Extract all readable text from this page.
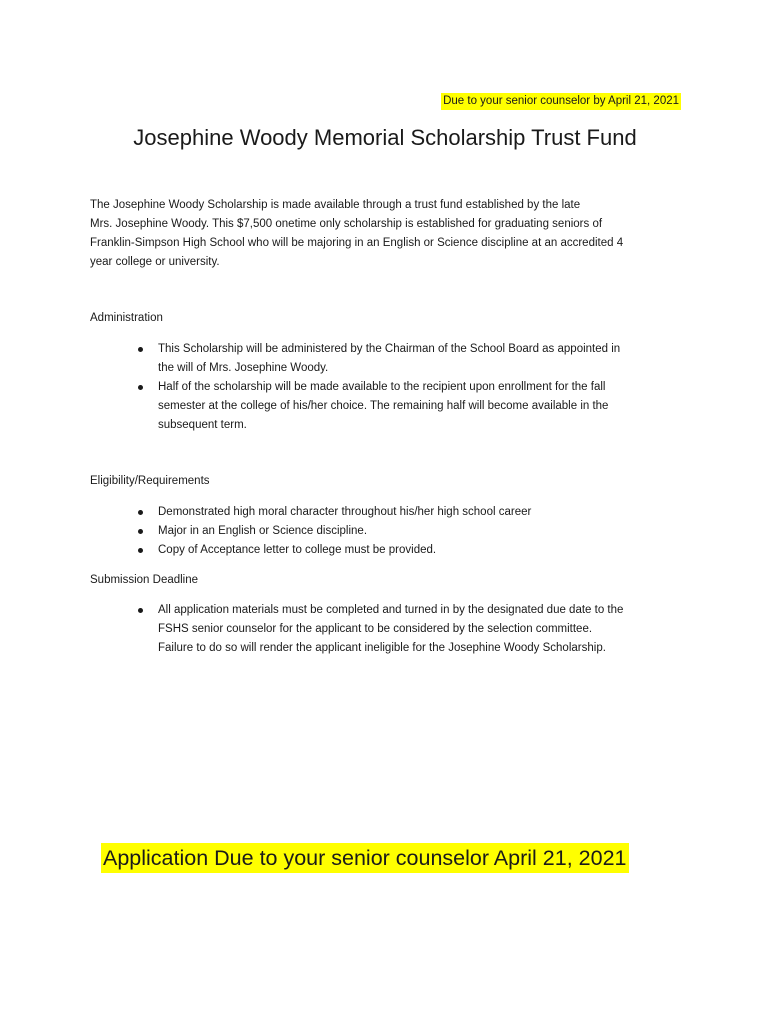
Due to your senior counselor by April 21, 2021
Josephine Woody Memorial Scholarship Trust Fund

The Josephine Woody Scholarship is made available through a trust fund established by the late

Mrs. Josephine Woody. This $7,500 onetime only scholarship is established for graduating seniors of

Franklin-Simpson High School who will be majoring in an English or Science discipline at an accredited 4

year college or university.

Administration
This Scholarship will be administered by the Chairman of the School Board as appointed in
the will of Mrs. Josephine Woody.
Half of the scholarship will be made available to the recipient upon enrollment for the fall
semester at the college of his/her choice. The remaining half will become available in the
subsequent term.
Eligibility/Requirements
Demonstrated high moral character throughout his/her high school career
Major in an English or Science discipline.
Copy of Acceptance letter to college must be provided.
Submission Deadline
All application materials must be completed and turned in by the designated due date to the
FSHS senior counselor for the applicant to be considered by the selection committee.
Failure to do so will render the applicant ineligible for the Josephine Woody Scholarship.
Application Due to your senior counselor April 21, 2021
